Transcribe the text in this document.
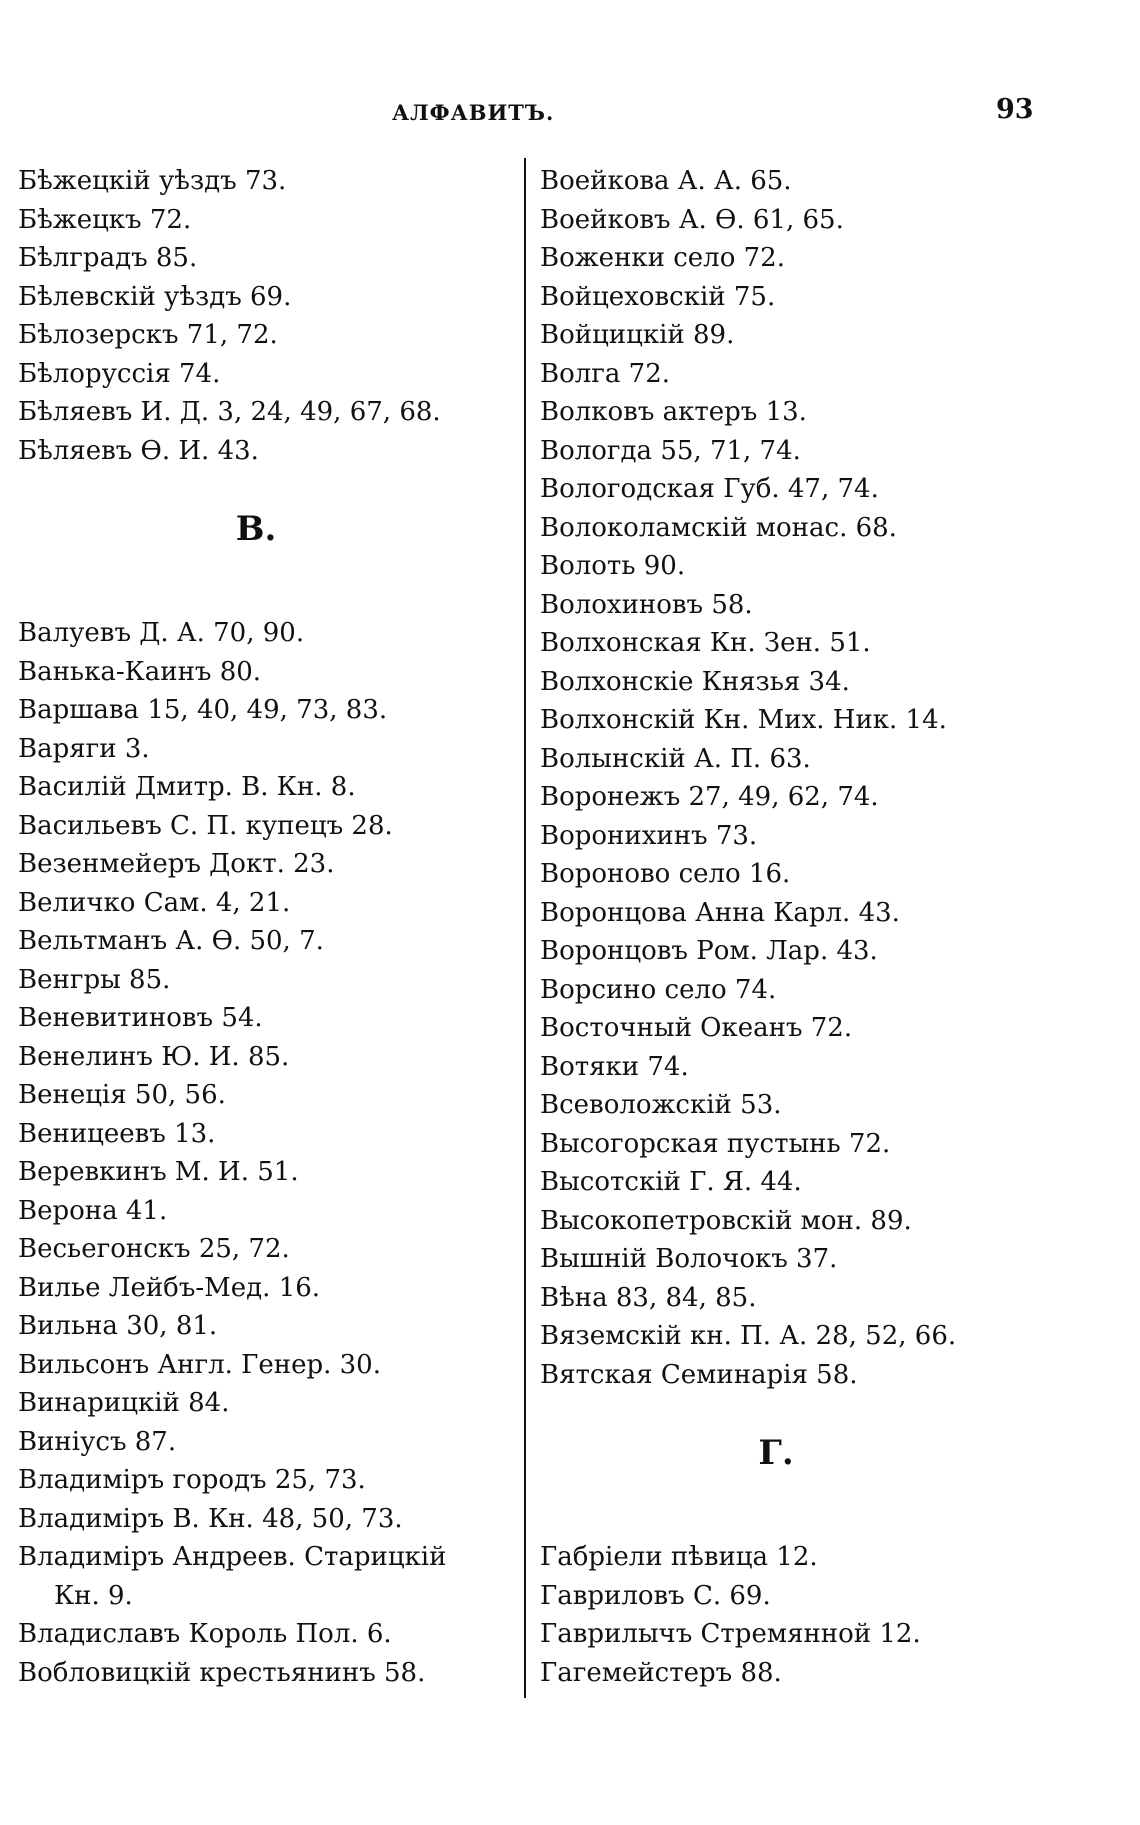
АЛФАВИТЪ.	93
Бѣжецкій уѣздъ 73.
Бѣжецкъ 72.
Бѣлградъ 85.
Бѣлевскій уѣздъ 69.
Бѣлозерскъ 71, 72.
Бѣлоруссія 74.
Бѣляевъ И. Д. 3, 24, 49, 67, 68.
Бѣляевъ Ѳ. И. 43.
В.
Валуевъ Д. А. 70, 90.
Ванька-Каинъ 80.
Варшава 15, 40, 49, 73, 83.
Варяги 3.
Василій Дмитр. В. Кн. 8.
Васильевъ С. П. купецъ 28.
Везенмейеръ Докт. 23.
Величко Сам. 4, 21.
Вельтманъ А. Ѳ. 50, 7.
Венгры 85.
Веневитиновъ 54.
Венелинъ Ю. И. 85.
Венеція 50, 56.
Веницеевъ 13.
Веревкинъ М. И. 51.
Верона 41.
Весьегонскъ 25, 72.
Вилье Лейбъ-Мед. 16.
Вильна 30, 81.
Вильсонъ Англ. Генер. 30.
Винарицкій 84.
Виніусъ 87.
Владиміръ городъ 25, 73.
Владиміръ В. Кн. 48, 50, 73.
Владиміръ Андреев. Старицкій
Кн. 9.
Владиславъ Король Пол. 6.
Вобловицкій крестьянинъ 58.
Воейкова А. А. 65.
Воейковъ А. Ѳ. 61, 65.
Воженки село 72.
Войцеховскій 75.
Войцицкій 89.
Волга 72.
Волковъ актеръ 13.
Вологда 55, 71, 74.
Вологодская Губ. 47, 74.
Волоколамскій монас. 68.
Волоть 90.
Волохиновъ 58.
Волхонская Кн. Зен. 51.
Волхонскіе Князья 34.
Волхонскій Кн. Мих. Ник. 14.
Волынскій А. П. 63.
Воронежъ 27, 49, 62, 74.
Воронихинъ 73.
Вороново село 16.
Воронцова Анна Карл. 43.
Воронцовъ Ром. Лар. 43.
Ворсино село 74.
Восточный Океанъ 72.
Вотяки 74.
Всеволожскій 53.
Высогорская пустынь 72.
Высотскій Г. Я. 44.
Высокопетровскій мон. 89.
Вышній Волочокъ 37.
Вѣна 83, 84, 85.
Вяземскій кн. П. А. 28, 52, 66.
Вятская Семинарія 58.
Г.
Габріели пѣвица 12.
Гавриловъ С. 69.
Гаврилычъ Стремянной 12.
Гагемейстеръ 88.
